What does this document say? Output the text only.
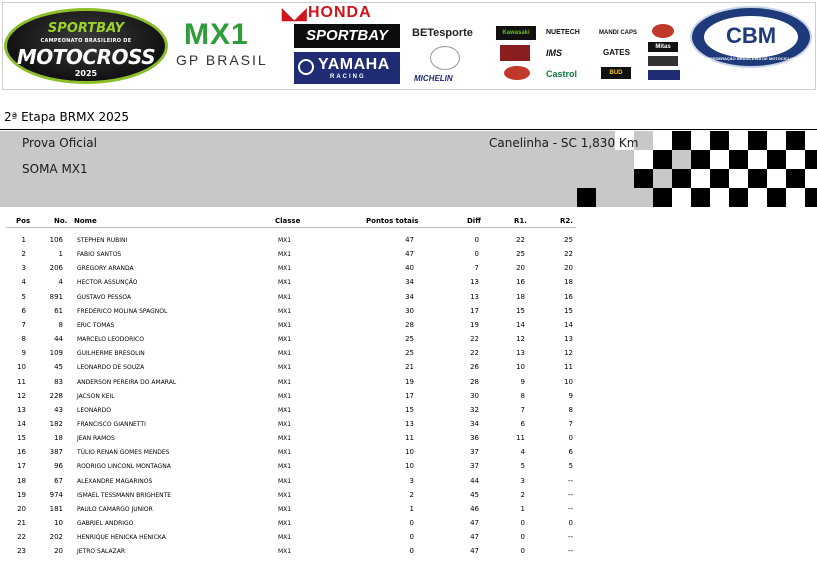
SPORTBAY
CAMPEONATO BRASILEIRO DE
MOTOCROSS
2025
MX1
GP BRASIL
◣◢ HONDA
SPORTBAY
YAMAHA
RACING
BETesporte
MICHELIN
Kawasaki	NUETECH
IMS
Castrol
MANDI CAPS
GATES
BUD
Mitas	CBM
CONFEDERAÇÃO BRASILEIRA DE MOTOCICLISMO
2ª Etapa BRMX 2025
Prova Oficial
SOMA MX1
Canelinha - SC 1,830 Km
Pos	No. Nome	Classe	Pontos totais	Diff	R1.	R2.
1	106 STEPHEN RUBINI	MX1	47	0	22	25
2	1 FABIO SANTOS	MX1	47	0	25	22
3	206 GREGORY ARANDA	MX1	40	7	20	20
4	4 HECTOR ASSUNÇÃO	MX1	34	13	16	18
5	891 GUSTAVO PESSOA	MX1	34	13	18	16
6	61 FREDERICO MOLINA SPAGNOL	MX1	30	17	15	15
7	8 ERIC TOMAS	MX1	28	19	14	14
8	44 MARCELO LEODORICO	MX1	25	22	12	13
9	109 GUILHERME BRESOLIN	MX1	25	22	13	12
10	45 LEONARDO DE SOUZA	MX1	21	26	10	11
11	83 ANDERSON PEREIRA DO AMARAL	MX1	19	28	9	10
12	228 JACSON KEIL	MX1	17	30	8	9
13	43 LEONARDO	MX1	15	32	7	8
14	182 FRANCISCO GIANNETTI	MX1	13	34	6	7
15	18 JEAN RAMOS	MX1	11	36	11	0
16	387 TÚLIO RENAN GOMES MENDES	MX1	10	37	4	6
17	96 RODRIGO LINCONL MONTAGNA	MX1	10	37	5	5
18	67 ALEXANDRE MAGARINOS	MX1	3	44	3	--
19	974 ISMAEL TESSMANN BRIGHENTE	MX1	2	45	2	--
20	181 PAULO CAMARGO JUNIOR	MX1	1	46	1	--
21	10 GABRIEL ANDRIGO	MX1	0	47	0	0
22	202 HENRIQUE HENICKA HENICKA	MX1	0	47	0	--
23	20 JETRO SALAZAR	MX1	0	47	0	--
